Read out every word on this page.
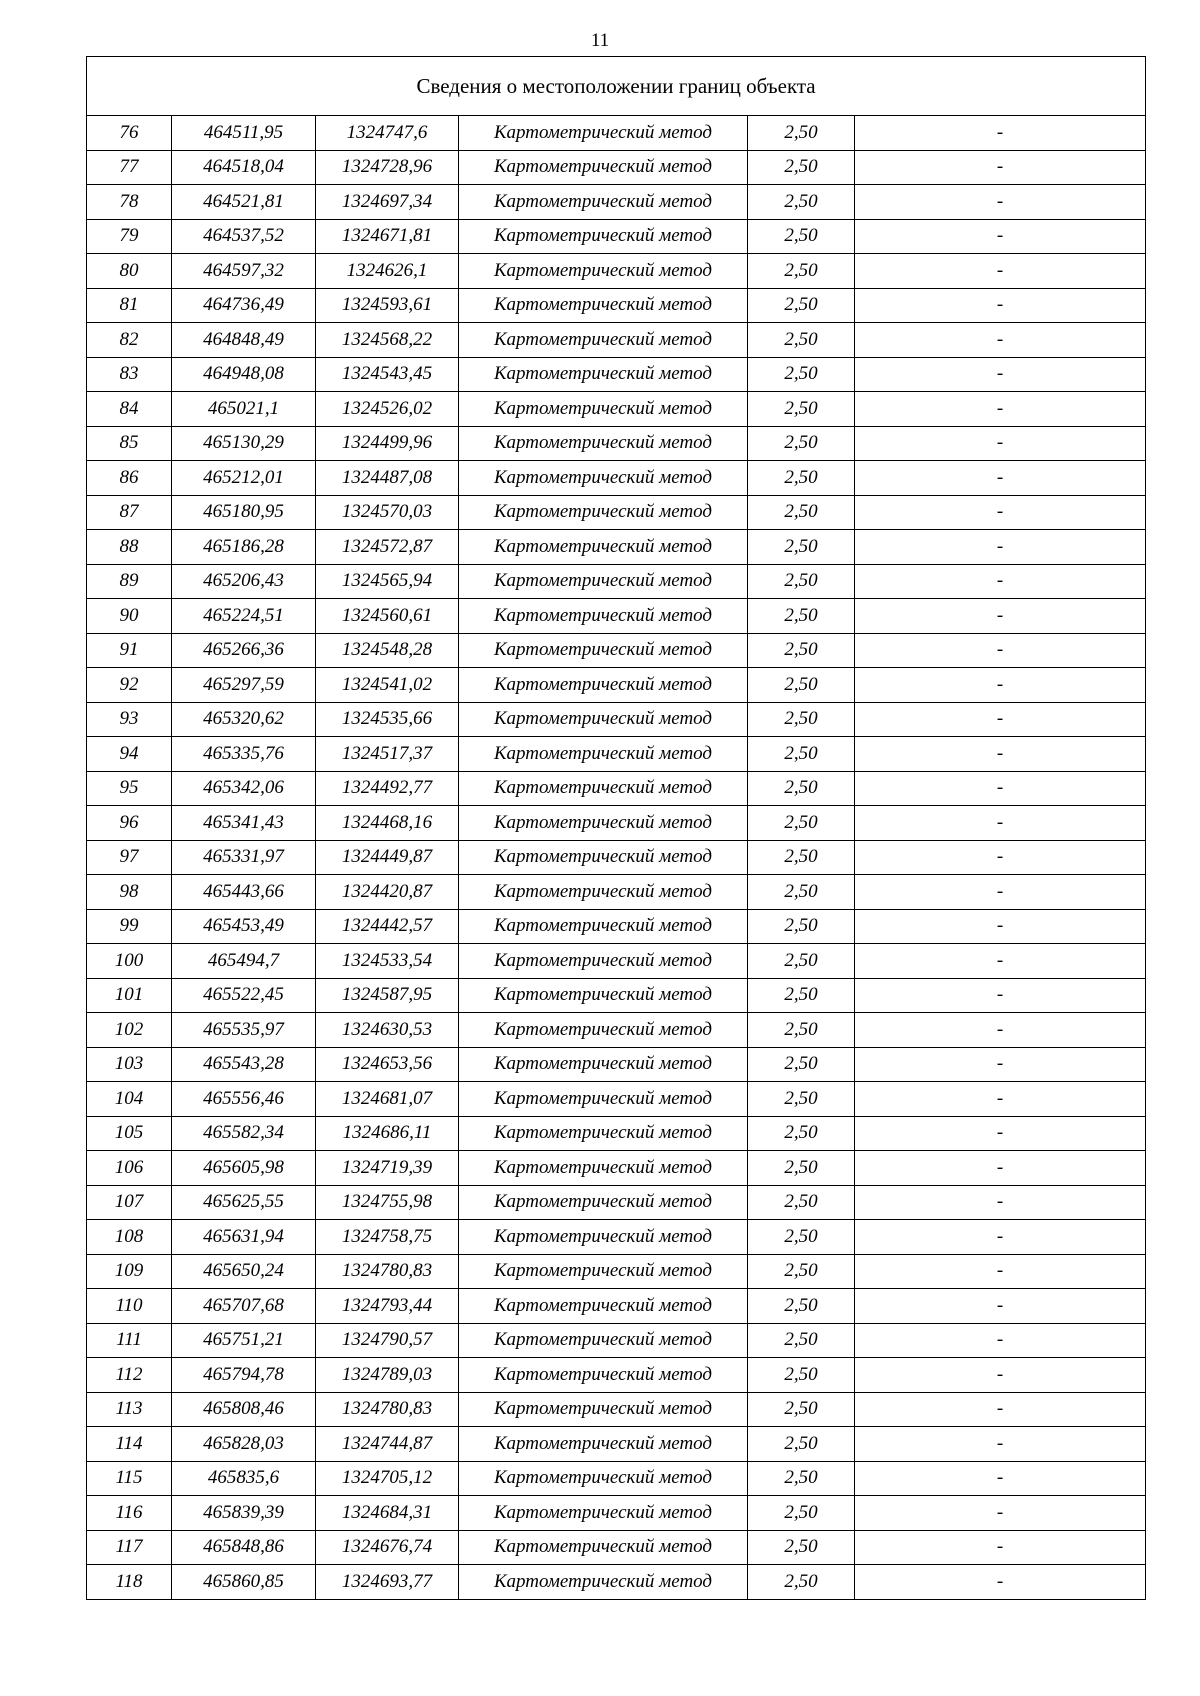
11
Сведения о местоположении границ объекта					
76	464511,95	1324747,6	Картометрический метод	2,50	-
77	464518,04	1324728,96	Картометрический метод	2,50	-
78	464521,81	1324697,34	Картометрический метод	2,50	-
79	464537,52	1324671,81	Картометрический метод	2,50	-
80	464597,32	1324626,1	Картометрический метод	2,50	-
81	464736,49	1324593,61	Картометрический метод	2,50	-
82	464848,49	1324568,22	Картометрический метод	2,50	-
83	464948,08	1324543,45	Картометрический метод	2,50	-
84	465021,1	1324526,02	Картометрический метод	2,50	-
85	465130,29	1324499,96	Картометрический метод	2,50	-
86	465212,01	1324487,08	Картометрический метод	2,50	-
87	465180,95	1324570,03	Картометрический метод	2,50	-
88	465186,28	1324572,87	Картометрический метод	2,50	-
89	465206,43	1324565,94	Картометрический метод	2,50	-
90	465224,51	1324560,61	Картометрический метод	2,50	-
91	465266,36	1324548,28	Картометрический метод	2,50	-
92	465297,59	1324541,02	Картометрический метод	2,50	-
93	465320,62	1324535,66	Картометрический метод	2,50	-
94	465335,76	1324517,37	Картометрический метод	2,50	-
95	465342,06	1324492,77	Картометрический метод	2,50	-
96	465341,43	1324468,16	Картометрический метод	2,50	-
97	465331,97	1324449,87	Картометрический метод	2,50	-
98	465443,66	1324420,87	Картометрический метод	2,50	-
99	465453,49	1324442,57	Картометрический метод	2,50	-
100	465494,7	1324533,54	Картометрический метод	2,50	-
101	465522,45	1324587,95	Картометрический метод	2,50	-
102	465535,97	1324630,53	Картометрический метод	2,50	-
103	465543,28	1324653,56	Картометрический метод	2,50	-
104	465556,46	1324681,07	Картометрический метод	2,50	-
105	465582,34	1324686,11	Картометрический метод	2,50	-
106	465605,98	1324719,39	Картометрический метод	2,50	-
107	465625,55	1324755,98	Картометрический метод	2,50	-
108	465631,94	1324758,75	Картометрический метод	2,50	-
109	465650,24	1324780,83	Картометрический метод	2,50	-
110	465707,68	1324793,44	Картометрический метод	2,50	-
111	465751,21	1324790,57	Картометрический метод	2,50	-
112	465794,78	1324789,03	Картометрический метод	2,50	-
113	465808,46	1324780,83	Картометрический метод	2,50	-
114	465828,03	1324744,87	Картометрический метод	2,50	-
115	465835,6	1324705,12	Картометрический метод	2,50	-
116	465839,39	1324684,31	Картометрический метод	2,50	-
117	465848,86	1324676,74	Картометрический метод	2,50	-
118	465860,85	1324693,77	Картометрический метод	2,50	-
